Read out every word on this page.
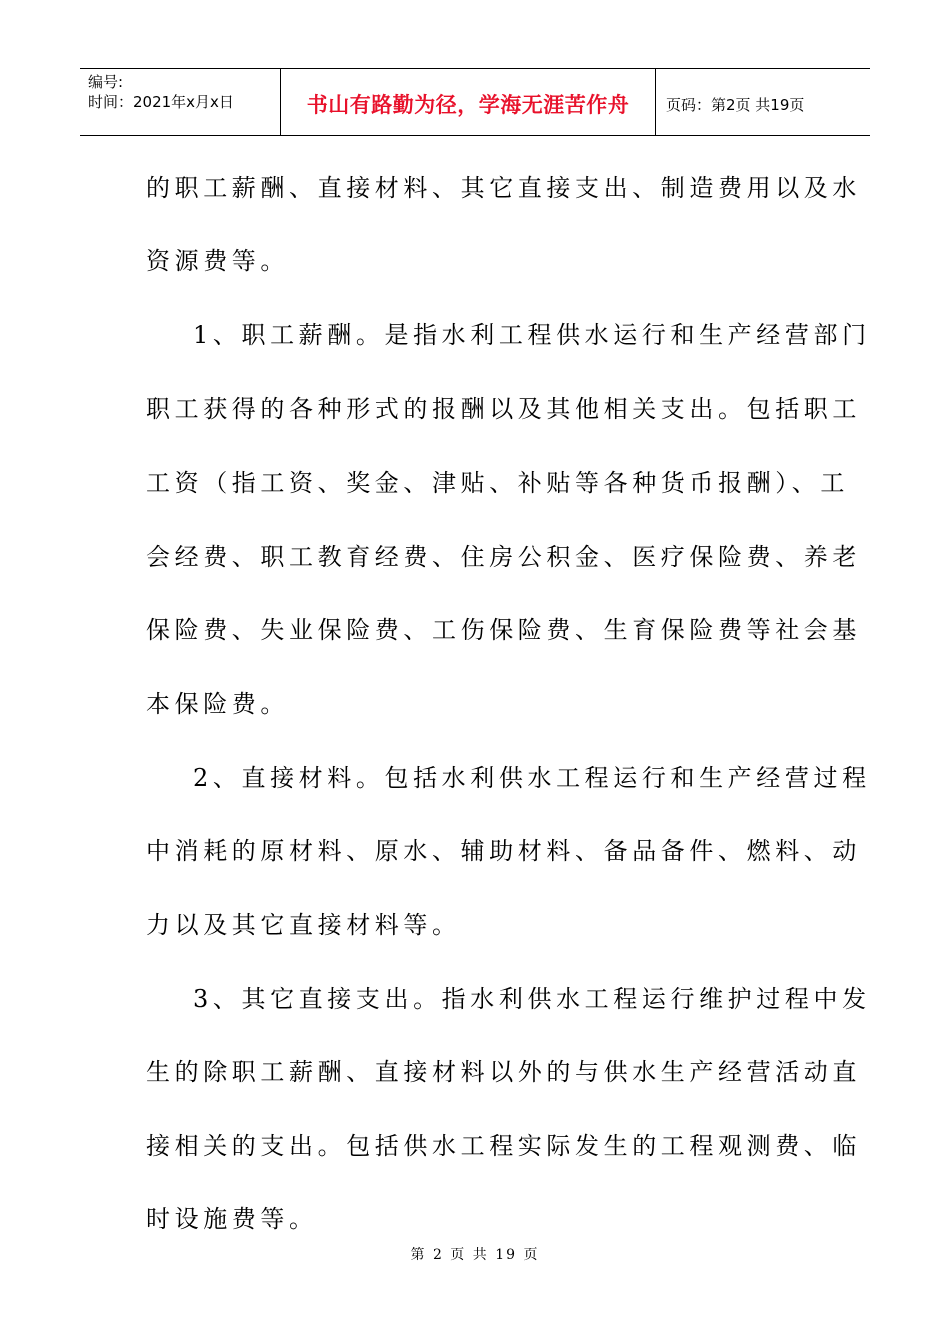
编号:
时间：2021年x月x日	书山有路勤为径，学海无涯苦作舟 页码：第2页 共19页
的职工薪酬、直接材料、其它直接支出、制造费用以及水
资源费等。
1、职工薪酬。是指水利工程供水运行和生产经营部门
职工获得的各种形式的报酬以及其他相关支出。包括职工
工资（指工资、奖金、津贴、补贴等各种货币报酬）、工
会经费、职工教育经费、住房公积金、医疗保险费、养老
保险费、失业保险费、工伤保险费、生育保险费等社会基
本保险费。
2、直接材料。包括水利供水工程运行和生产经营过程
中消耗的原材料、原水、辅助材料、备品备件、燃料、动
力以及其它直接材料等。
3、其它直接支出。指水利供水工程运行维护过程中发
生的除职工薪酬、直接材料以外的与供水生产经营活动直
接相关的支出。包括供水工程实际发生的工程观测费、临
时设施费等。
第 2 页 共 19 页
